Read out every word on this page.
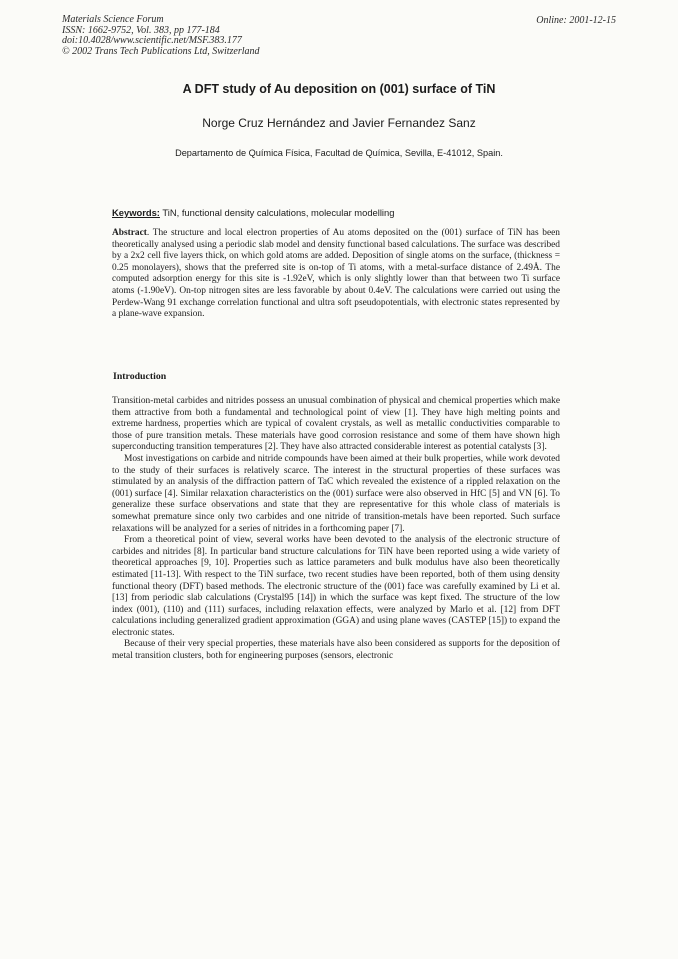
Materials Science Forum
ISSN: 1662-9752, Vol. 383, pp 177-184
doi:10.4028/www.scientific.net/MSF.383.177
© 2002 Trans Tech Publications Ltd, Switzerland
Online: 2001-12-15
A DFT study of Au deposition on (001) surface of TiN
Norge Cruz Hernández and Javier Fernandez Sanz
Departamento de Química Física, Facultad de Química, Sevilla, E-41012, Spain.
Keywords: TiN, functional density calculations, molecular modelling

Abstract. The structure and local electron properties of Au atoms deposited on the (001) surface of TiN has been theoretically analysed using a periodic slab model and density functional based calculations. The surface was described by a 2x2 cell five layers thick, on which gold atoms are added. Deposition of single atoms on the surface, (thickness = 0.25 monolayers), shows that the preferred site is on-top of Ti atoms, with a metal-surface distance of 2.49Å. The computed adsorption energy for this site is -1.92eV, which is only slightly lower than that between two Ti surface atoms (-1.90eV). On-top nitrogen sites are less favorable by about 0.4eV. The calculations were carried out using the Perdew-Wang 91 exchange correlation functional and ultra soft pseudopotentials, with electronic states represented by a plane-wave expansion.

Introduction

Transition-metal carbides and nitrides possess an unusual combination of physical and chemical properties which make them attractive from both a fundamental and technological point of view [1]. They have high melting points and extreme hardness, properties which are typical of covalent crystals, as well as metallic conductivities comparable to those of pure transition metals. These materials have good corrosion resistance and some of them have shown high superconducting transition temperatures [2]. They have also attracted considerable interest as potential catalysts [3].

Most investigations on carbide and nitride compounds have been aimed at their bulk properties, while work devoted to the study of their surfaces is relatively scarce. The interest in the structural properties of these surfaces was stimulated by an analysis of the diffraction pattern of TaC which revealed the existence of a rippled relaxation on the (001) surface [4]. Similar relaxation characteristics on the (001) surface were also observed in HfC [5] and VN [6]. To generalize these surface observations and state that they are representative for this whole class of materials is somewhat premature since only two carbides and one nitride of transition-metals have been reported. Such surface relaxations will be analyzed for a series of nitrides in a forthcoming paper [7].

From a theoretical point of view, several works have been devoted to the analysis of the electronic structure of carbides and nitrides [8]. In particular band structure calculations for TiN have been reported using a wide variety of theoretical approaches [9, 10]. Properties such as lattice parameters and bulk modulus have also been theoretically estimated [11-13]. With respect to the TiN surface, two recent studies have been reported, both of them using density functional theory (DFT) based methods. The electronic structure of the (001) face was carefully examined by Li et al. [13] from periodic slab calculations (Crystal95 [14]) in which the surface was kept fixed. The structure of the low index (001), (110) and (111) surfaces, including relaxation effects, were analyzed by Marlo et al. [12] from DFT calculations including generalized gradient approximation (GGA) and using plane waves (CASTEP [15]) to expand the electronic states.

Because of their very special properties, these materials have also been considered as supports for the deposition of metal transition clusters, both for engineering purposes (sensors, electronic
